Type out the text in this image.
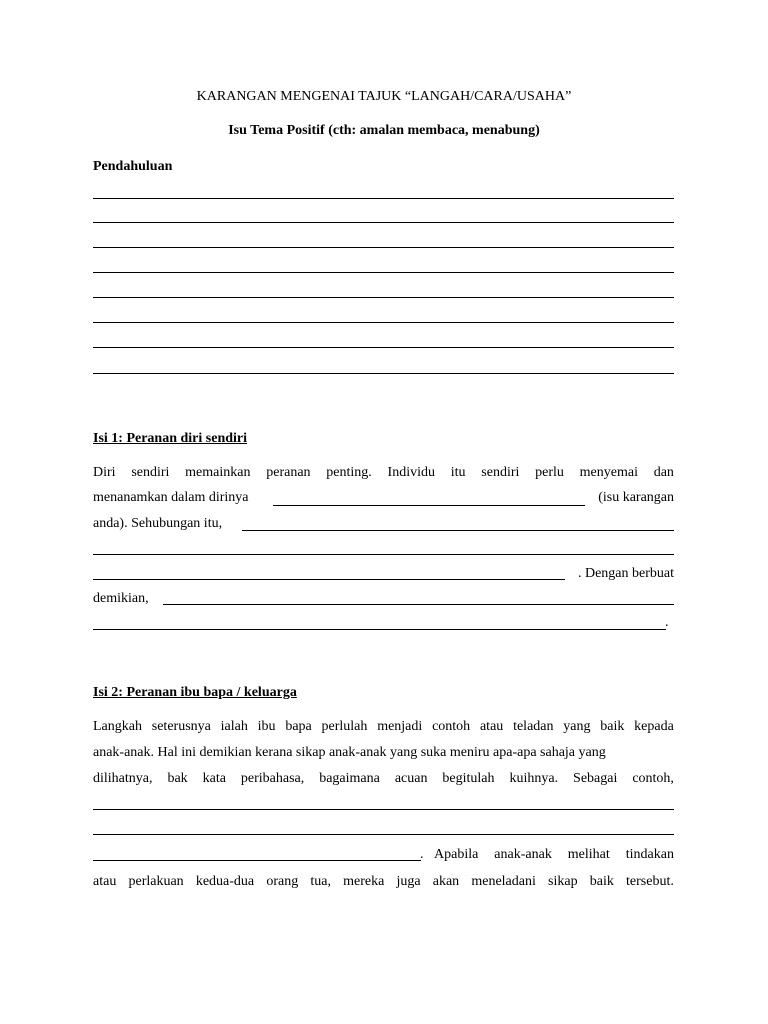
KARANGAN MENGENAI TAJUK “LANGAH/CARA/USAHA”
Isu Tema Positif (cth: amalan membaca, menabung)
Pendahuluan
Isi 1: Peranan diri sendiri
Diri sendiri memainkan peranan penting. Individu itu sendiri perlu menyemai dan
menanamkan dalam dirinya	(isu karangan
anda). Sehubungan itu,
. Dengan berbuat
demikian,
.
Isi 2: Peranan ibu bapa / keluarga
Langkah seterusnya ialah ibu bapa perlulah menjadi contoh atau teladan yang baik kepada
anak-anak. Hal ini demikian kerana sikap anak-anak yang suka meniru apa-apa sahaja yang
dilihatnya, bak kata peribahasa, bagaimana acuan begitulah kuihnya. Sebagai contoh,
. Apabila anak-anak melihat tindakan
atau perlakuan kedua-dua orang tua, mereka juga akan meneladani sikap baik tersebut.
